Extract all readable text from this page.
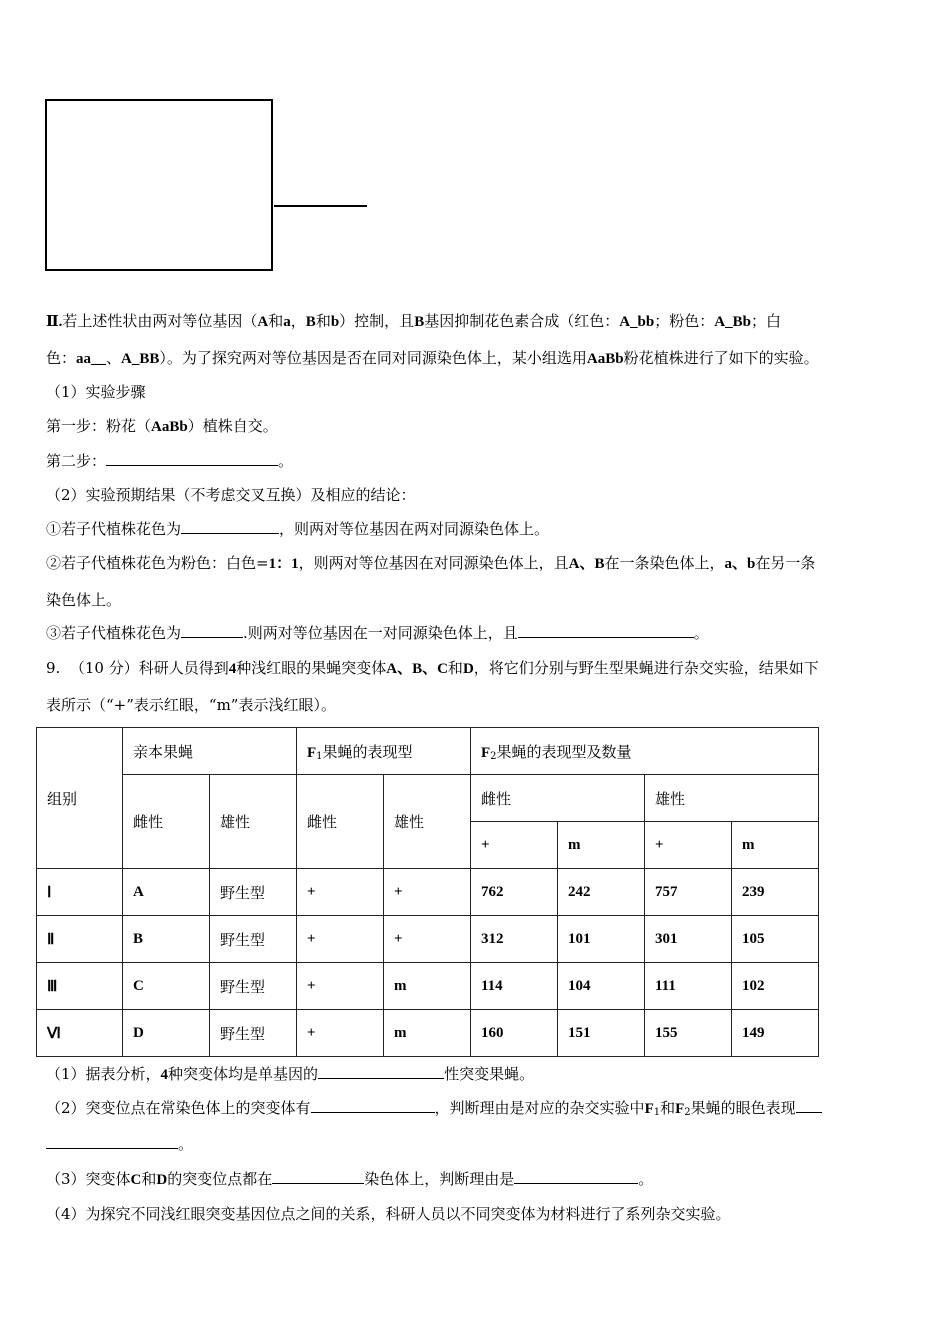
Ⅱ.若上述性状由两对等位基因（A和a，B和b）控制，且B基因抑制花色素合成（红色：A_bb；粉色：A_Bb；白
色：aa__、A_BB）。为了探究两对等位基因是否在同对同源染色体上，某小组选用AaBb粉花植株进行了如下的实验。
（1）实验步骤
第一步：粉花（AaBb）植株自交。
第二步：	。
（2）实验预期结果（不考虑交叉互换）及相应的结论：
①若子代植株花色为	，则两对等位基因在两对同源染色体上。
②若子代植株花色为粉色：白色=1：1，则两对等位基因在对同源染色体上，且A、B在一条染色体上，a、b在另一条
染色体上。
③若子代植株花色为	.则两对等位基因在一对同源染色体上，且	。
9. （10 分）科研人员得到4种浅红眼的果蝇突变体A、B、C和D，将它们分别与野生型果蝇进行杂交实验，结果如下
表所示（“+”表示红眼，“m”表示浅红眼）。
组别	亲本果蝇		$F_1$果蝇的表现型		$F_2$果蝇的表现型及数量			
	雌性	雄性	雌性	雄性	雌性		雄性	
					+	m	+	m
Ⅰ	A	野生型	+	+	762	242	757	239
Ⅱ	B	野生型	+	+	312	101	301	105
Ⅲ	C	野生型	+	m	114	104	111	102
Ⅵ	D	野生型	+	m	160	151	155	149
（1）据表分析，4种突变体均是单基因的	性突变果蝇。
（2）突变位点在常染色体上的突变体有	，判断理由是对应的杂交实验中$F_1$和$F_2$果蝇的眼色表现
。
（3）突变体C和D的突变位点都在	染色体上，判断理由是	。
（4）为探究不同浅红眼突变基因位点之间的关系，科研人员以不同突变体为材料进行了系列杂交实验。
